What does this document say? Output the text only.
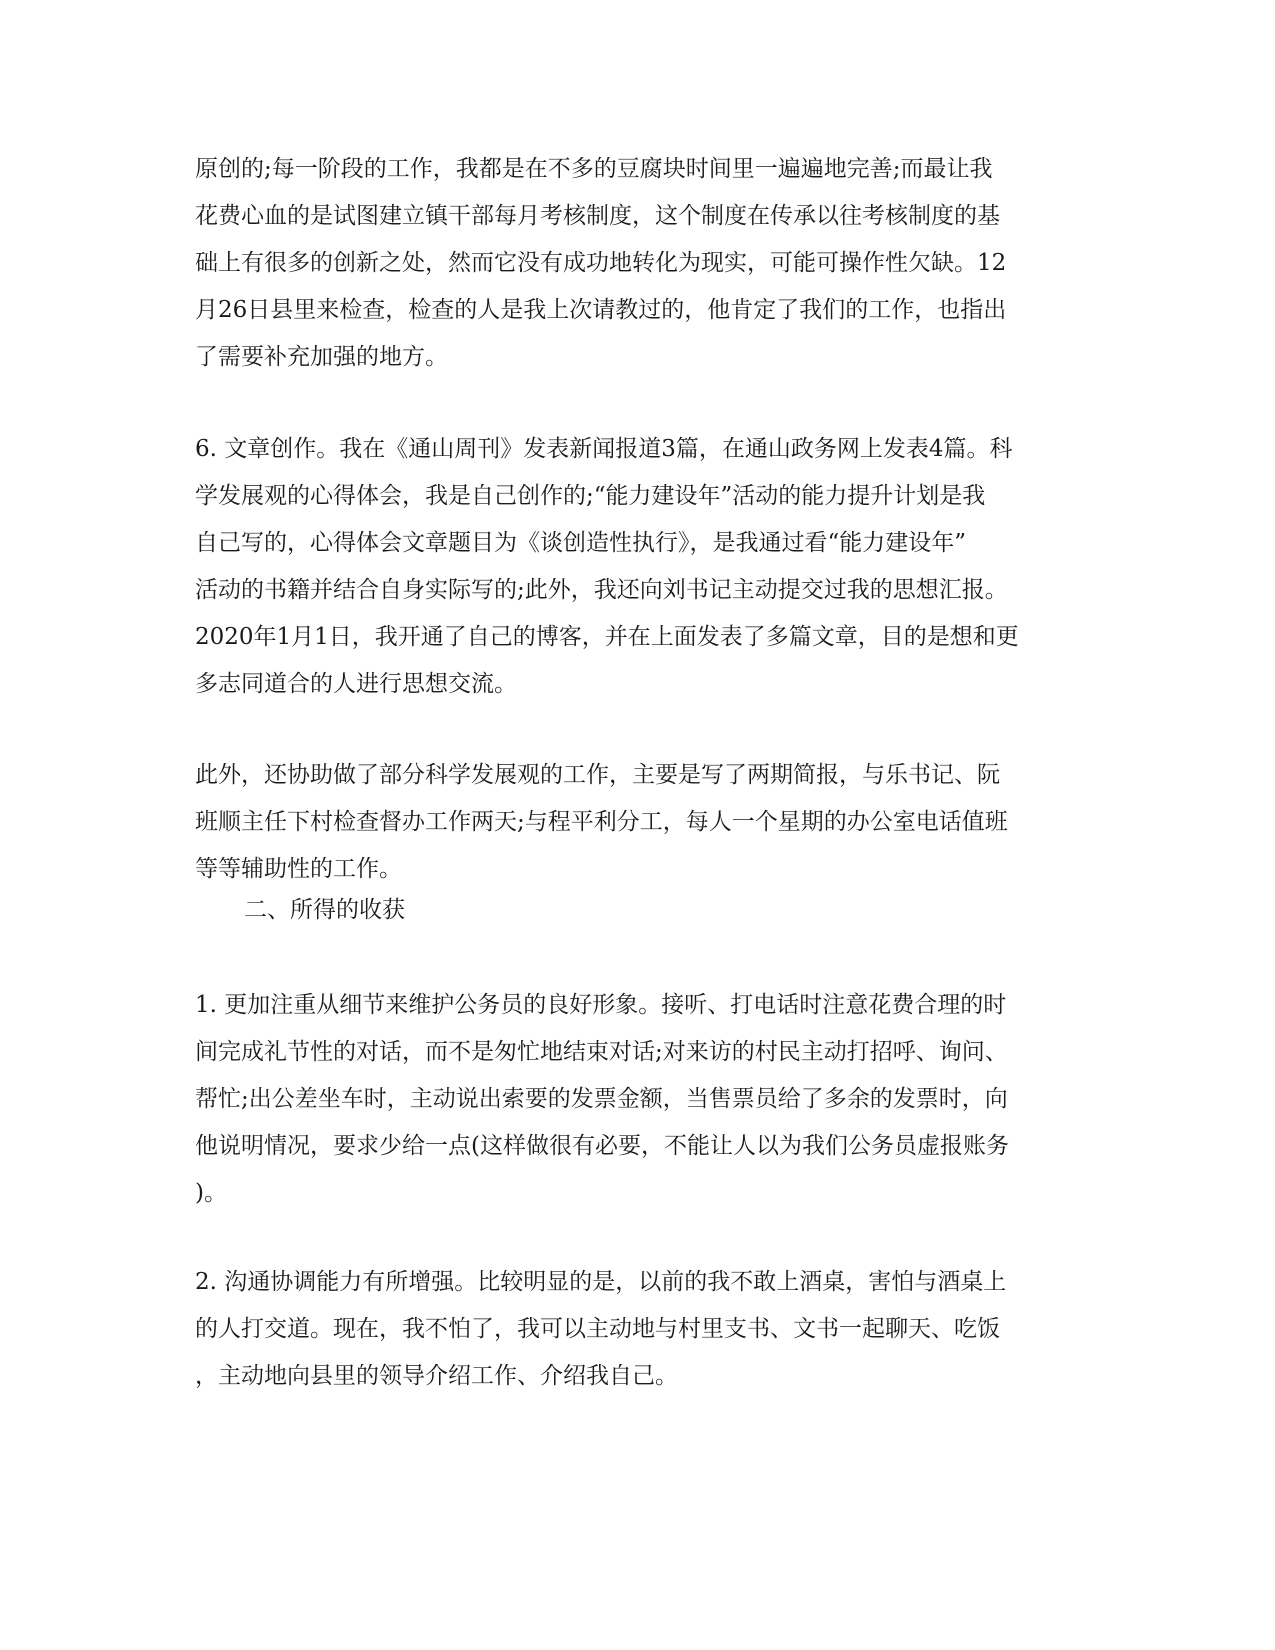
原创的;每一阶段的工作，我都是在不多的豆腐块时间里一遍遍地完善;而最让我
花费心血的是试图建立镇干部每月考核制度，这个制度在传承以往考核制度的基
础上有很多的创新之处，然而它没有成功地转化为现实，可能可操作性欠缺。12
月26日县里来检查，检查的人是我上次请教过的，他肯定了我们的工作，也指出
了需要补充加强的地方。
6. 文章创作。我在《通山周刊》发表新闻报道3篇，在通山政务网上发表4篇。科
学发展观的心得体会，我是自己创作的;“能力建设年”活动的能力提升计划是我
自己写的，心得体会文章题目为《谈创造性执行》，是我通过看“能力建设年”
活动的书籍并结合自身实际写的;此外，我还向刘书记主动提交过我的思想汇报。
2020年1月1日，我开通了自己的博客，并在上面发表了多篇文章，目的是想和更
多志同道合的人进行思想交流。
此外，还协助做了部分科学发展观的工作，主要是写了两期简报，与乐书记、阮
班顺主任下村检查督办工作两天;与程平利分工，每人一个星期的办公室电话值班
等等辅助性的工作。
二、所得的收获
1. 更加注重从细节来维护公务员的良好形象。接听、打电话时注意花费合理的时
间完成礼节性的对话，而不是匆忙地结束对话;对来访的村民主动打招呼、询问、
帮忙;出公差坐车时，主动说出索要的发票金额，当售票员给了多余的发票时，向
他说明情况，要求少给一点(这样做很有必要，不能让人以为我们公务员虚报账务
)。
2. 沟通协调能力有所增强。比较明显的是，以前的我不敢上酒桌，害怕与酒桌上
的人打交道。现在，我不怕了，我可以主动地与村里支书、文书一起聊天、吃饭
，主动地向县里的领导介绍工作、介绍我自己。
